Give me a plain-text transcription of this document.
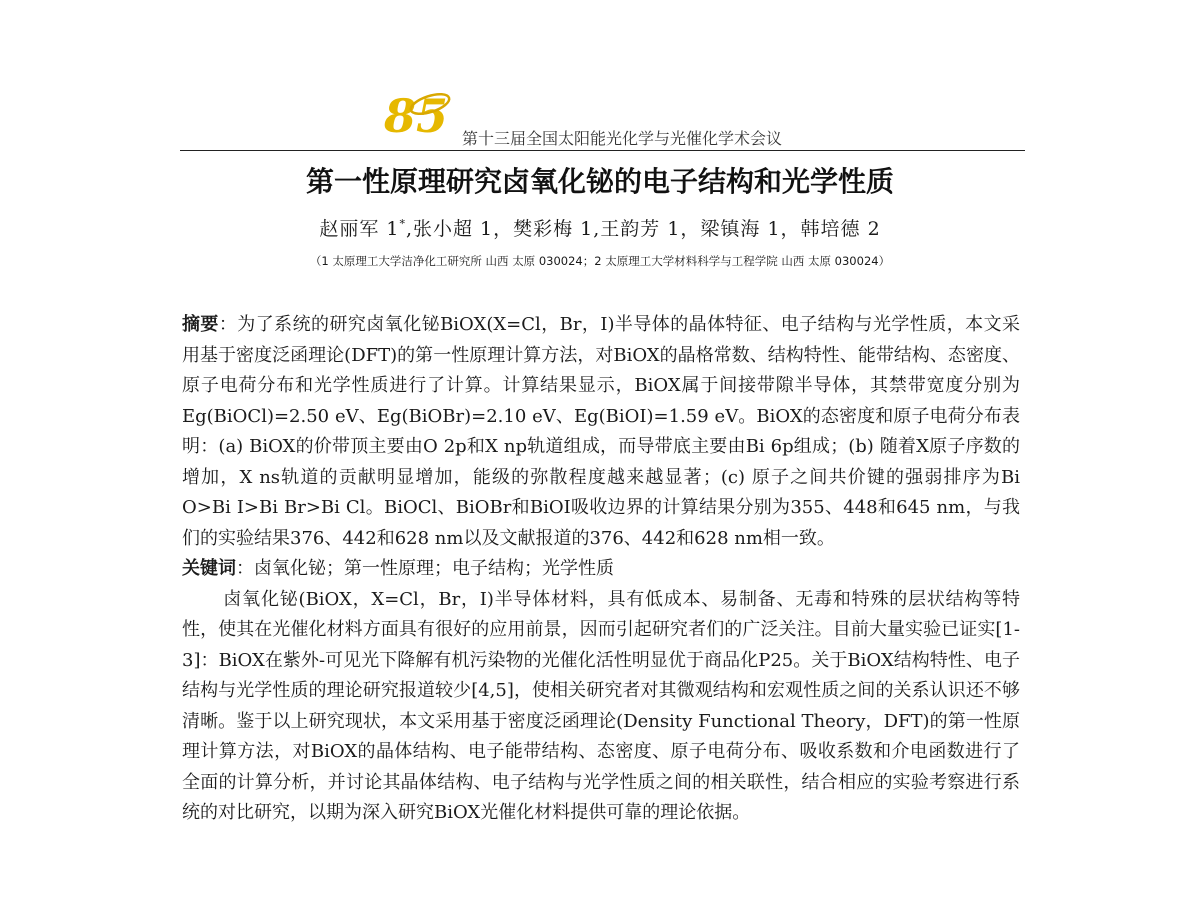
85 第十三届全国太阳能光化学与光催化学术会议
第一性原理研究卤氧化铋的电子结构和光学性质
赵丽军 1*,张小超 1，樊彩梅 1,王韵芳 1，梁镇海 1，韩培德 2
（1 太原理工大学洁净化工研究所 山西 太原 030024；2 太原理工大学材料科学与工程学院 山西 太原 030024）

摘要：为了系统的研究卤氧化铋BiOX(X=Cl，Br，I)半导体的晶体特征、电子结构与光学性质，本文采用基于密度泛函理论(DFT)的第一性原理计算方法，对BiOX的晶格常数、结构特性、能带结构、态密度、原子电荷分布和光学性质进行了计算。计算结果显示，BiOX属于间接带隙半导体，其禁带宽度分别为Eg(BiOCl)=2.50 eV、Eg(BiOBr)=2.10 eV、Eg(BiOI)=1.59 eV。BiOX的态密度和原子电荷分布表明：(a) BiOX的价带顶主要由O 2p和X np轨道组成，而导带底主要由Bi 6p组成；(b) 随着X原子序数的增加，X ns轨道的贡献明显增加，能级的弥散程度越来越显著；(c) 原子之间共价键的强弱排序为Bi O>Bi I>Bi Br>Bi Cl。BiOCl、BiOBr和BiOI吸收边界的计算结果分别为355、448和645 nm，与我们的实验结果376、442和628 nm以及文献报道的376、442和628 nm相一致。

关键词：卤氧化铋；第一性原理；电子结构；光学性质

卤氧化铋(BiOX，X=Cl，Br，I)半导体材料，具有低成本、易制备、无毒和特殊的层状结构等特性，使其在光催化材料方面具有很好的应用前景，因而引起研究者们的广泛关注。目前大量实验已证实[1-3]：BiOX在紫外-可见光下降解有机污染物的光催化活性明显优于商品化P25。关于BiOX结构特性、电子结构与光学性质的理论研究报道较少[4,5]，使相关研究者对其微观结构和宏观性质之间的关系认识还不够清晰。鉴于以上研究现状，本文采用基于密度泛函理论(Density Functional Theory，DFT)的第一性原理计算方法，对BiOX的晶体结构、电子能带结构、态密度、原子电荷分布、吸收系数和介电函数进行了全面的计算分析，并讨论其晶体结构、电子结构与光学性质之间的相关联性，结合相应的实验考察进行系统的对比研究，以期为深入研究BiOX光催化材料提供可靠的理论依据。
